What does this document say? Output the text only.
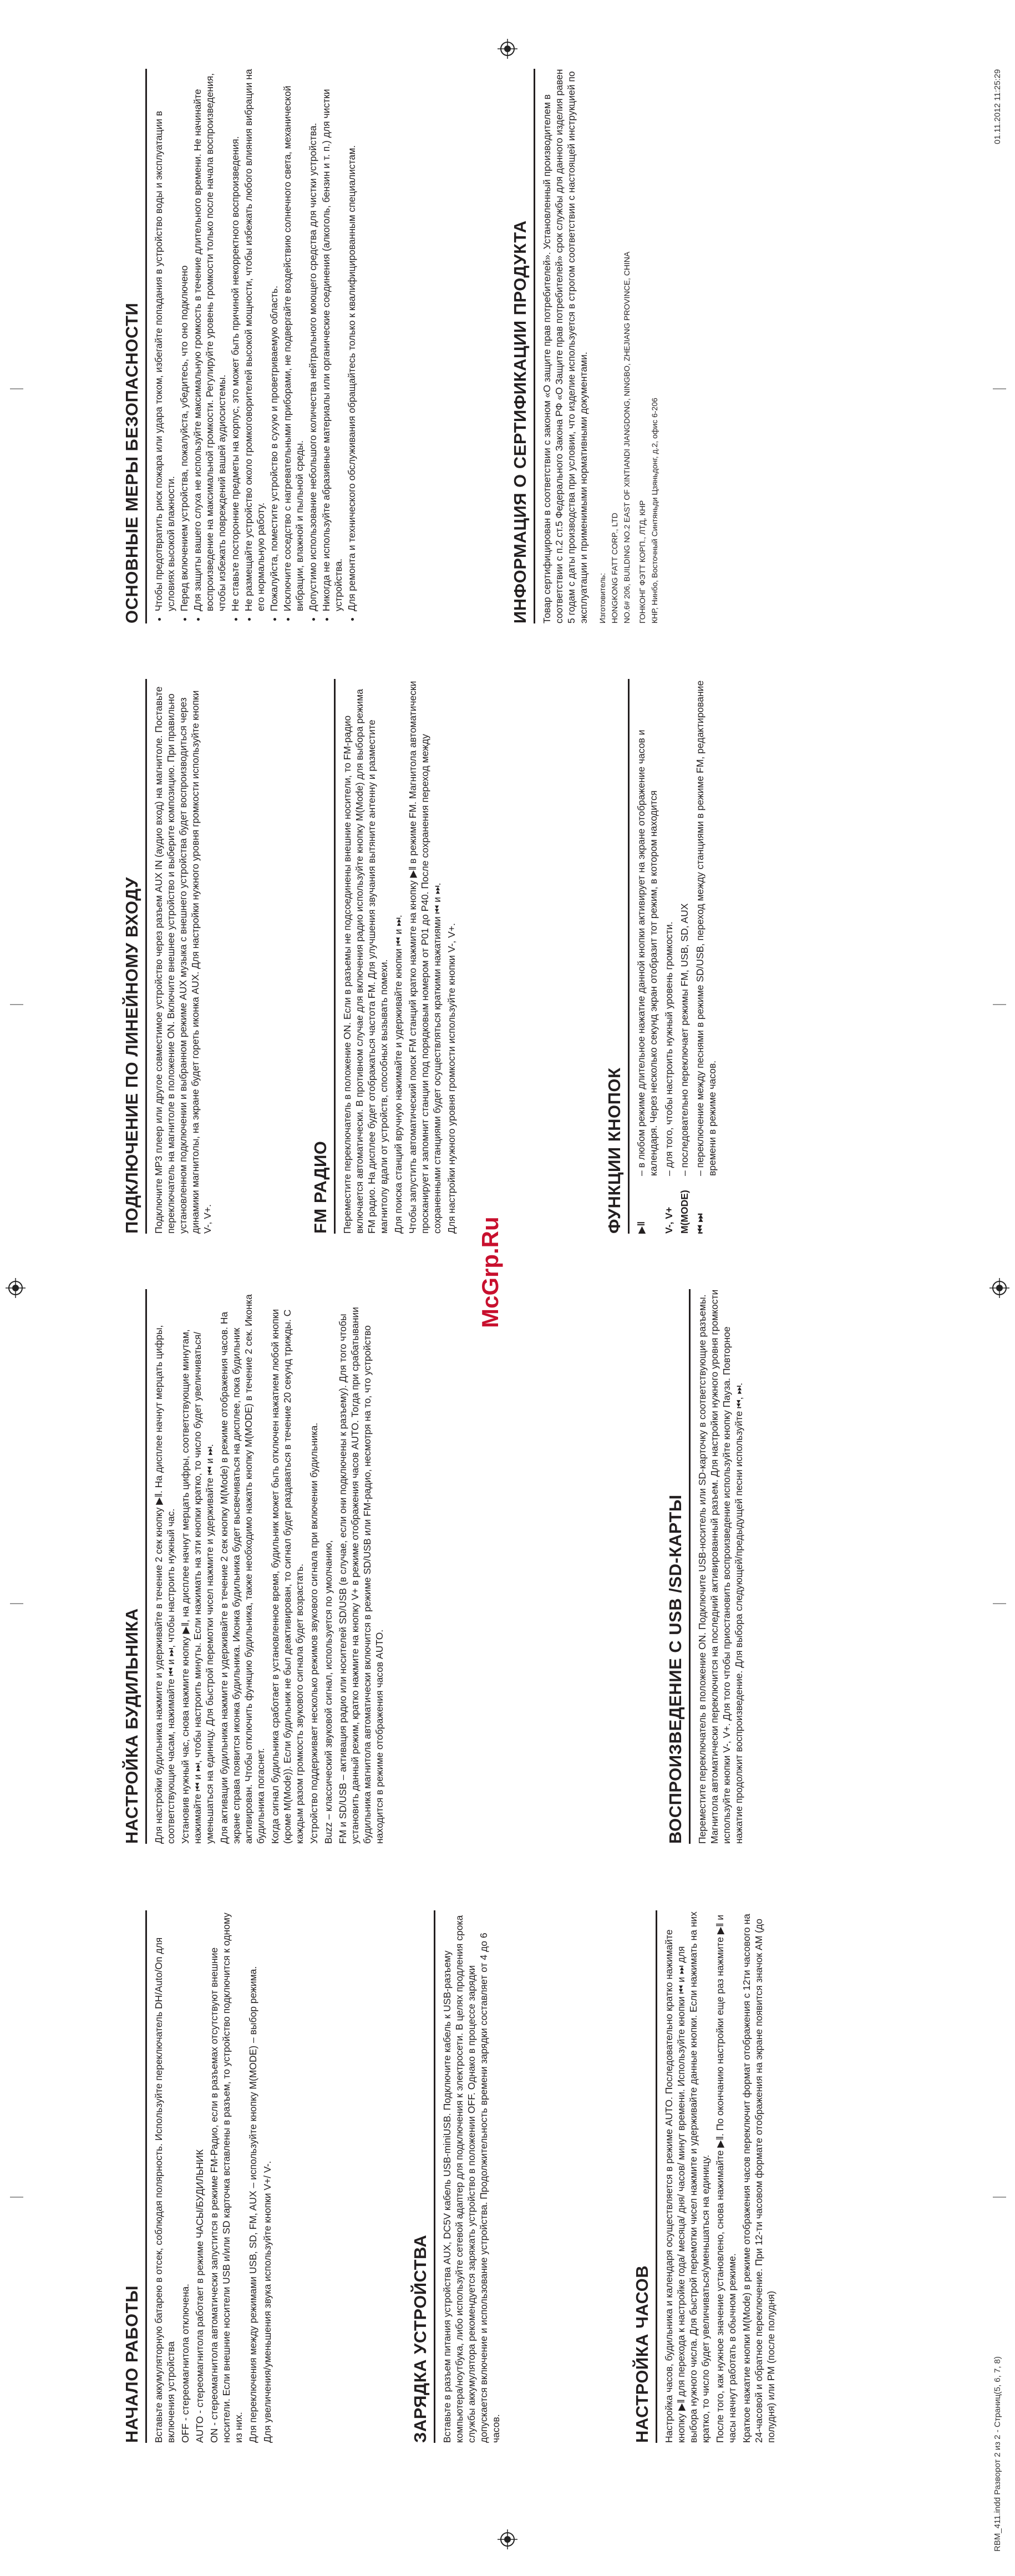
RBM_411.indd Разворот 2 из 2 - Страниц(5, 6, 7, 8)
01.11.2012 11:25:29
НАЧАЛО РАБОТЫ	Вставьте аккумуляторную батарею в отсек, соблюдая полярность. Используйте переключатель DH/Auto/On для включения устройства OFF - стереомагнитола отключена. AUTO - стереомагнитола работает в режиме ЧАСЫ/БУДИЛЬНИК ON - стереомагнитола автоматически запустится в режиме FM-Радио, если в разъемах отсутствуют внешние носители. Если внешние носители USB и/или SD карточка вставлены в разъем, то устройство подключится к одному из них. Для переключения между режимами USB, SD, FM, AUX – используйте кнопку M(MODE) – выбор режима. Для увеличения/уменьшения звука используйте кнопки V+/ V-.	ЗАРЯДКА УСТРОЙСТВА	Вставьте в разъем питания устройства AUX, DC5V кабель USB-miniUSB. Подключите кабель к USB-разъему компьютера/ноутбука, либо используйте сетевой адаптер для подключения к электросети. В целях продления срока службы аккумулятора рекомендуется заряжать устройство в положении OFF. Однако в процессе зарядки допускается включение и использование устройства. Продолжительность времени зарядки составляет от 4 до 6 часов.	НАСТРОЙКА ЧАСОВ	Настройка часов, будильника и календаря осуществляется в режиме AUTO. Последовательно кратко нажимайте кнопку ▶‖ для перехода к настройке года/ месяца/ дня/ часов/ минут времени. Используйте кнопки ⏮ и ⏭ для выбора нужного числа. Для быстрой перемотки чисел нажмите и удерживайте данные кнопки. Если нажимать на них кратко, то число будет увеличиваться/уменьшаться на единицу. После того, как нужное значение установлено, снова нажимайте ▶‖. По окончанию настройки еще раз нажмите ▶‖ и часы начнут работать в обычном режиме. Краткое нажатие кнопки M(Mode) в режиме отображения часов переключит формат отображения с 12ти часового на 24-часовой и обратное переключение. При 12-ти часовом формате отображения на экране появится значок AM (до полудня) или PM (после полудня)

НАСТРОЙКА БУДИЛЬНИКА	Для настройки будильника нажмите и удерживайте в течение 2 сек кнопку ▶‖. На дисплее начнут мерцать цифры, соответствующие часам, нажимайте ⏮ и ⏭, чтобы настроить нужный час. Установив нужный час, снова нажмите кнопку ▶‖, на дисплее начнут мерцать цифры, соответствующие минутам, нажимайте ⏮ и ⏭, чтобы настроить минуты. Если нажимать на эти кнопки кратко, то число будет увеличиваться/уменьшаться на единицу. Для быстрой перемотки чисел нажмите и удерживайте ⏮ и ⏭. Для активации будильника нажмите и удерживайте в течение 2 сек кнопку M(Mode) в режиме отображения часов. На экране справа появится иконка будильника. Иконка будильника будет высвечиваться на дисплее, пока будильник активирован. Чтобы отключить функцию будильника, также необходимо нажать кнопку M(MODE) в течение 2 сек. Иконка будильника погаснет. Когда сигнал будильника сработает в установленное время, будильник может быть отключен нажатием любой кнопки (кроме M(Mode)). Если будильник не был деактивирован, то сигнал будет раздаваться в течение 20 секунд трижды. С каждым разом громкость звукового сигнала будет возрастать. Устройство поддерживает несколько режимов звукового сигнала при включении будильника. Buzz – классический звуковой сигнал, используется по умолчанию, FM и SD/USB – активация радио или носителей SD/USB (в случае, если они подключены к разъему). Для того чтобы установить данный режим, кратко нажмите на кнопку V+ в режиме отображения часов AUTO. Тогда при срабатывании будильника магнитола автоматически включится в режиме SD/USB или FM-радио, несмотря на то, что устройство находится в режиме отображения часов AUTO.	ВОСПРОИЗВЕДЕНИЕ С USB /SD-КАРТЫ	Переместите переключатель в положение ON. Подключите USB-носитель или SD-карточку в соответствующие разъемы. Магнитола автоматически переключится на последний активированный разъем. Для настройки нужного уровня громкости используйте кнопки V-, V+. Для того чтобы приостановить воспроизведение используйте кнопку Пауза. Повторное нажатие продолжит воспроизведение. Для выбора следующей/предыдущей песни используйте ⏮, ⏭.

ПОДКЛЮЧЕНИЕ ПО ЛИНЕЙНОМУ ВХОДУ	Подключите MP3 плеер или другое совместимое устройство через разъем AUX IN (аудио вход) на магнитоле. Поставьте переключатель на магнитоле в положение ON. Включите внешнее устройство и выберите композицию. При правильно установленном подключении и выбранном режиме AUX музыка с внешнего устройства будет воспроизводиться через динамики магнитолы, на экране будет гореть иконка AUX. Для настройки нужного уровня громкости используйте кнопки V-, V+.	FM РАДИО	Переместите переключатель в положение ON. Если в разъемы не подсоединены внешние носители, то FM-радио включается автоматически. В противном случае для включения радио используйте кнопку M(Mode) для выбора режима FM радио. На дисплее будет отображаться частота FM. Для улучшения звучания вытяните антенну и разместите магнитолу вдали от устройств, способных вызывать помехи. Для поиска станций вручную нажимайте и удерживайте кнопки ⏮ и ⏭. Чтобы запустить автоматический поиск FM станций кратко нажмите на кнопку ▶‖ в режиме FM. Магнитола автоматически просканирует и запомнит станции под порядковым номером от P01 до P40. После сохранения переход между сохраненными станциями будет осуществляться краткими нажатиями ⏮ и ⏭. Для настройки нужного уровня громкости используйте кнопки V-, V+.	ФУНКЦИИ КНОПОК	▶‖
– в любом режиме длительное нажатие данной кнопки активирует на экране отображение часов и календаря. Через несколько секунд экран отобразит тот режим, в котором находится
V-, V+
– для того, чтобы настроить нужный уровень громкости.
M(MODE)
– последовательно переключает режимы FM, USB, SD, AUX
⏮ ⏭
– переключение между песнями в режиме SD/USB, переход между станциями в режиме FM, редактирование времени в режиме часов.
ОСНОВНЫЕ МЕРЫ БЕЗОПАСНОСТИ	• Чтобы предотвратить риск пожара или удара током, избегайте попадания в устройство воды и эксплуатации в условиях высокой влажности. • Перед включением устройства, пожалуйста, убедитесь, что оно подключено • Для защиты вашего слуха не используйте максимальную громкость в течение длительного времени. Не начинайте воспроизведение на максимальной громкости. Регулируйте уровень громкости только после начала воспроизведения, чтобы избежать повреждений вашей аудиосистемы. • Не ставьте посторонние предметы на корпус, это может быть причиной некорректного воспроизведения. • Не размещайте устройство около громкоговорителей высокой мощности, чтобы избежать любого влияния вибрации на его нормальную работу. • Пожалуйста, поместите устройство в сухую и проветриваемую область. • Исключите соседство с нагревательными приборами, не подвергайте воздействию солнечного света, механической вибрации, влажной и пыльной среды. • Допустимо использование небольшого количества нейтрального моющего средства для чистки устройства. • Никогда не используйте абразивные материалы или органические соединения (алкоголь, бензин и т. п.) для чистки устройства. • Для ремонта и технического обслуживания обращайтесь только к квалифицированным специалистам.	ИНФОРМАЦИЯ О СЕРТИФИКАЦИИ ПРОДУКТА	Товар сертифицирован в соответствии с законом «О защите прав потребителей». Установленный производителем в соответствии с п.2 ст.5 Федерального Закона РФ «О Защите прав потребителей» срок службы для данного изделия равен 5 годам с даты производства при условии, что изделие используется в строгом соответствии с настоящей инструкцией по эксплуатации и применимыми нормативными документами. Изготовитель: HONGKONG FATT CORP., LTD NO.6# 206, BUILDING NO.2 EAST OF XINTIANDI JIANGDONG, NINGBO, ZHEJIANG PROVINCE, CHINA ГОНКОНГ ФЭТТ КОРП., ЛТД, КНР КНР, Нинбо, Восточный Синтяньди Цзяньдонг, д.2, офис 6-206

McGrp.Ru
